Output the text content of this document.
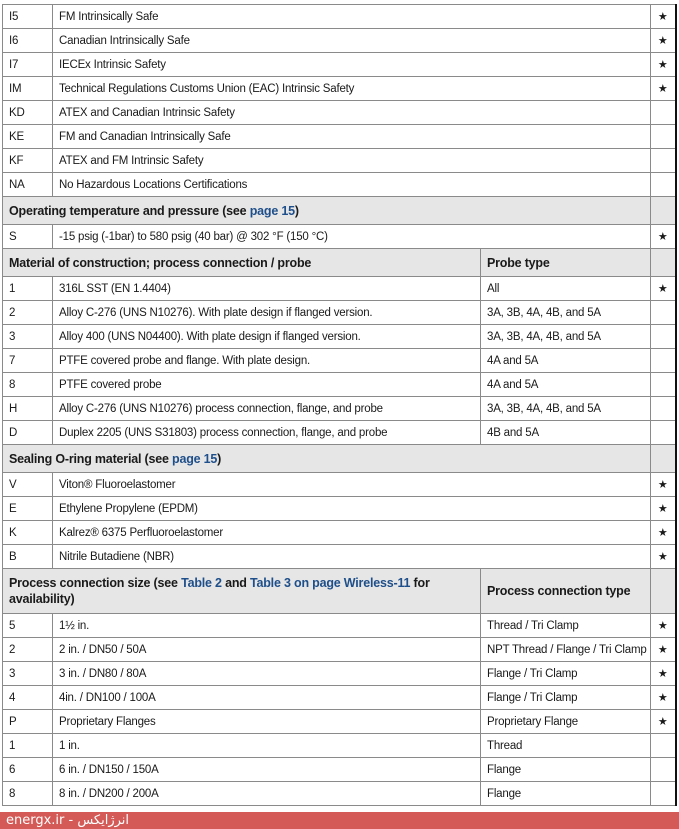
I5	FM Intrinsically Safe		★
I6	Canadian Intrinsically Safe		★
I7	IECEx Intrinsic Safety		★
IM	Technical Regulations Customs Union (EAC) Intrinsic Safety		★
KD	ATEX and Canadian Intrinsic Safety		
KE	FM and Canadian Intrinsically Safe		
KF	ATEX and FM Intrinsic Safety		
NA	No Hazardous Locations Certifications		
Operating temperature and pressure (see page 15)			
S	-15 psig (-1bar) to 580 psig (40 bar) @ 302 °F (150 °C)		★
Material of construction; process connection / probe		Probe type	
1	316L SST (EN 1.4404)	All	★
2	Alloy C-276 (UNS N10276). With plate design if flanged version.	3A, 3B, 4A, 4B, and 5A	
3	Alloy 400 (UNS N04400). With plate design if flanged version.	3A, 3B, 4A, 4B, and 5A	
7	PTFE covered probe and flange. With plate design.	4A and 5A	
8	PTFE covered probe	4A and 5A	
H	Alloy C-276 (UNS N10276) process connection, flange, and probe	3A, 3B, 4A, 4B, and 5A	
D	Duplex 2205 (UNS S31803) process connection, flange, and probe	4B and 5A	
Sealing O-ring material (see page 15)			
V	Viton® Fluoroelastomer		★
E	Ethylene Propylene (EPDM)		★
K	Kalrez® 6375 Perfluoroelastomer		★
B	Nitrile Butadiene (NBR)		★
Process connection size (see Table 2 and Table 3 on page Wireless-11 for availability)		Process connection type	
5	1½ in.	Thread / Tri Clamp	★
2	2 in. / DN50 / 50A	NPT Thread / Flange / Tri Clamp	★
3	3 in. / DN80 / 80A	Flange / Tri Clamp	★
4	4in. / DN100 / 100A	Flange / Tri Clamp	★
P	Proprietary Flanges	Proprietary Flange	★
1	1 in.	Thread	
6	6 in. / DN150 / 150A	Flange	
8	8 in. / DN200 / 200A	Flange	
energx.ir - انرژایکس
